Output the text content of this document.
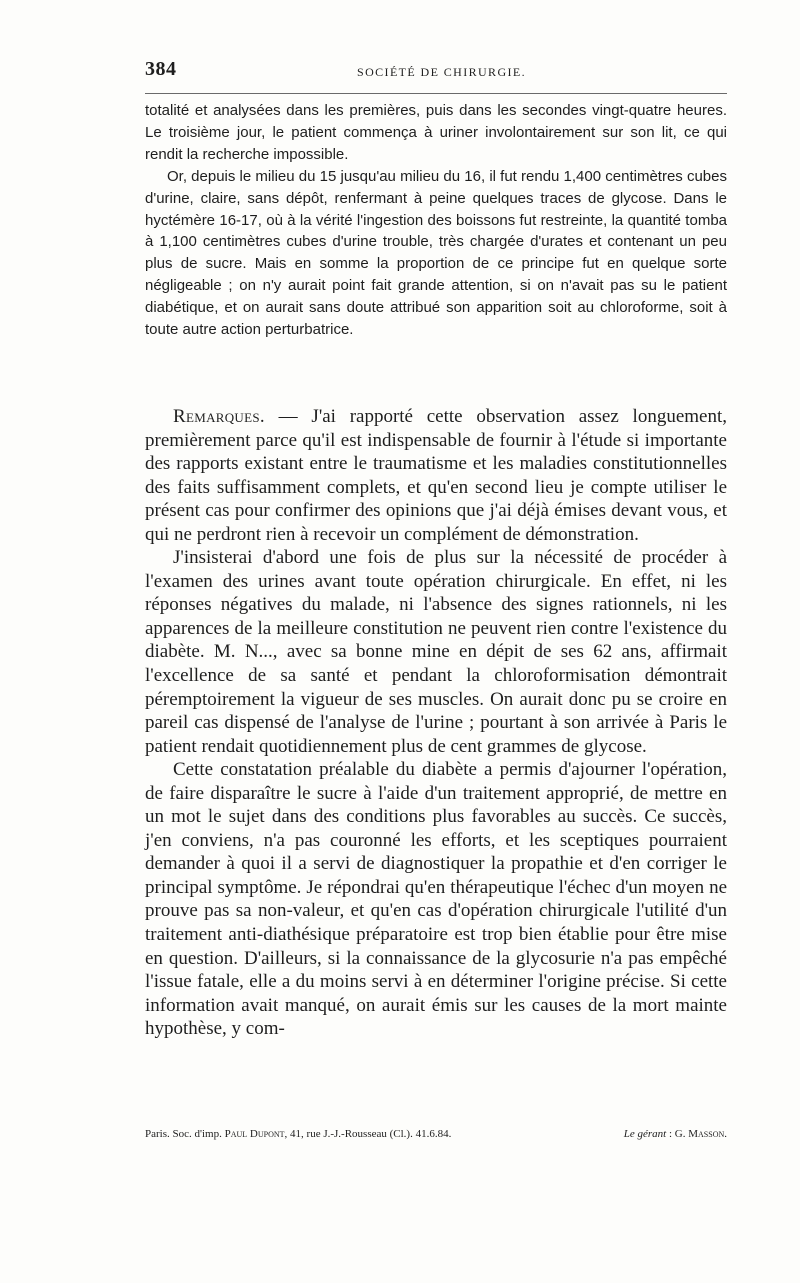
384	SOCIÉTÉ DE CHIRURGIE.

totalité et analysées dans les premières, puis dans les secondes vingt-quatre heures. Le troisième jour, le patient commença à uriner involontairement sur son lit, ce qui rendit la recherche impossible.

Or, depuis le milieu du 15 jusqu'au milieu du 16, il fut rendu 1,400 centimètres cubes d'urine, claire, sans dépôt, renfermant à peine quelques traces de glycose. Dans le hyctémère 16-17, où à la vérité l'ingestion des boissons fut restreinte, la quantité tomba à 1,100 centimètres cubes d'urine trouble, très chargée d'urates et contenant un peu plus de sucre. Mais en somme la proportion de ce principe fut en quelque sorte négligeable ; on n'y aurait point fait grande attention, si on n'avait pas su le patient diabétique, et on aurait sans doute attribué son apparition soit au chloroforme, soit à toute autre action perturbatrice.

Remarques. — J'ai rapporté cette observation assez longuement, premièrement parce qu'il est indispensable de fournir à l'étude si importante des rapports existant entre le traumatisme et les maladies constitutionnelles des faits suffisamment complets, et qu'en second lieu je compte utiliser le présent cas pour confirmer des opinions que j'ai déjà émises devant vous, et qui ne perdront rien à recevoir un complément de démonstration.

J'insisterai d'abord une fois de plus sur la nécessité de procéder à l'examen des urines avant toute opération chirurgicale. En effet, ni les réponses négatives du malade, ni l'absence des signes rationnels, ni les apparences de la meilleure constitution ne peuvent rien contre l'existence du diabète. M. N..., avec sa bonne mine en dépit de ses 62 ans, affirmait l'excellence de sa santé et pendant la chloroformisation démontrait péremptoirement la vigueur de ses muscles. On aurait donc pu se croire en pareil cas dispensé de l'analyse de l'urine ; pourtant à son arrivée à Paris le patient rendait quotidiennement plus de cent grammes de glycose.

Cette constatation préalable du diabète a permis d'ajourner l'opération, de faire disparaître le sucre à l'aide d'un traitement approprié, de mettre en un mot le sujet dans des conditions plus favorables au succès. Ce succès, j'en conviens, n'a pas couronné les efforts, et les sceptiques pourraient demander à quoi il a servi de diagnostiquer la propathie et d'en corriger le principal symptôme. Je répondrai qu'en thérapeutique l'échec d'un moyen ne prouve pas sa non-valeur, et qu'en cas d'opération chirurgicale l'utilité d'un traitement anti-diathésique préparatoire est trop bien établie pour être mise en question. D'ailleurs, si la connaissance de la glycosurie n'a pas empêché l'issue fatale, elle a du moins servi à en déterminer l'origine précise. Si cette information avait manqué, on aurait émis sur les causes de la mort mainte hypothèse, y com-

Paris. Soc. d'imp. Paul Dupont, 41, rue J.-J.-Rousseau (Cl.). 41.6.84.	Le gérant : G. Masson.
